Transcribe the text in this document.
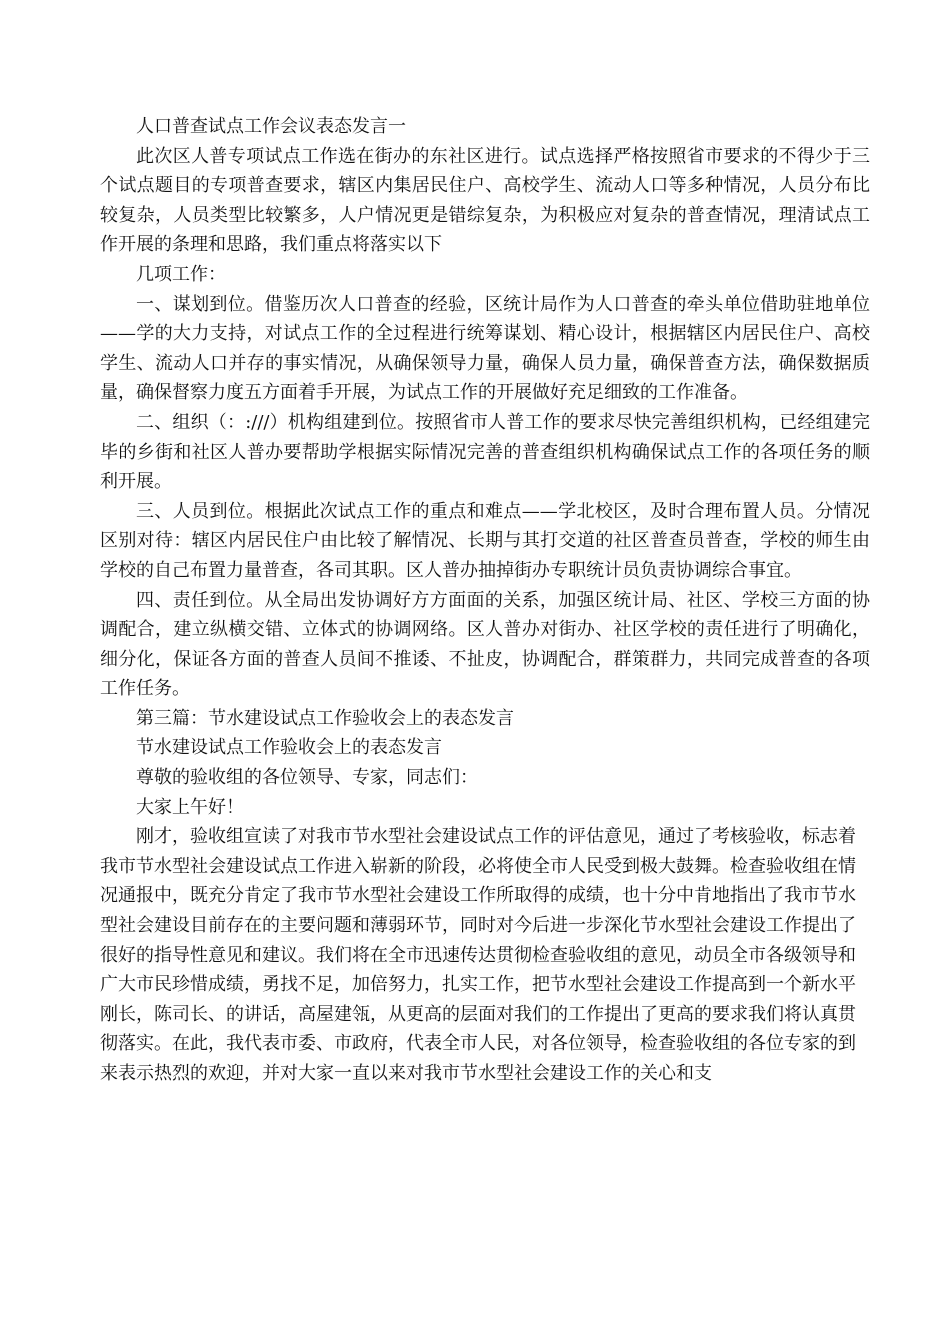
人口普查试点工作会议表态发言一

此次区人普专项试点工作选在街办的东社区进行。试点选择严格按照省市要求的不得少于三个试点题目的专项普查要求，辖区内集居民住户、高校学生、流动人口等多种情况，人员分布比较复杂，人员类型比较繁多，人户情况更是错综复杂，为积极应对复杂的普查情况，理清试点工作开展的条理和思路，我们重点将落实以下

几项工作：

一、谋划到位。借鉴历次人口普查的经验，区统计局作为人口普查的牵头单位借助驻地单位——学的大力支持，对试点工作的全过程进行统筹谋划、精心设计，根据辖区内居民住户、高校学生、流动人口并存的事实情况，从确保领导力量，确保人员力量，确保普查方法，确保数据质量，确保督察力度五方面着手开展，为试点工作的开展做好充足细致的工作准备。

二、组织（：:///）机构组建到位。按照省市人普工作的要求尽快完善组织机构，已经组建完毕的乡街和社区人普办要帮助学根据实际情况完善的普查组织机构确保试点工作的各项任务的顺利开展。

三、人员到位。根据此次试点工作的重点和难点——学北校区，及时合理布置人员。分情况区别对待：辖区内居民住户由比较了解情况、长期与其打交道的社区普查员普查，学校的师生由学校的自己布置力量普查，各司其职。区人普办抽掉街办专职统计员负责协调综合事宜。

四、责任到位。从全局出发协调好方方面面的关系，加强区统计局、社区、学校三方面的协调配合，建立纵横交错、立体式的协调网络。区人普办对街办、社区学校的责任进行了明确化，细分化，保证各方面的普查人员间不推诿、不扯皮，协调配合，群策群力，共同完成普查的各项工作任务。

第三篇：节水建设试点工作验收会上的表态发言

节水建设试点工作验收会上的表态发言

尊敬的验收组的各位领导、专家，同志们：

大家上午好！

刚才，验收组宣读了对我市节水型社会建设试点工作的评估意见，通过了考核验收，标志着我市节水型社会建设试点工作进入崭新的阶段，必将使全市人民受到极大鼓舞。检查验收组在情况通报中，既充分肯定了我市节水型社会建设工作所取得的成绩，也十分中肯地指出了我市节水型社会建设目前存在的主要问题和薄弱环节，同时对今后进一步深化节水型社会建设工作提出了很好的指导性意见和建议。我们将在全市迅速传达贯彻检查验收组的意见，动员全市各级领导和广大市民珍惜成绩，勇找不足，加倍努力，扎实工作，把节水型社会建设工作提高到一个新水平刚长，陈司长、的讲话，高屋建瓴，从更高的层面对我们的工作提出了更高的要求我们将认真贯彻落实。在此，我代表市委、市政府，代表全市人民，对各位领导，检查验收组的各位专家的到来表示热烈的欢迎，并对大家一直以来对我市节水型社会建设工作的关心和支
